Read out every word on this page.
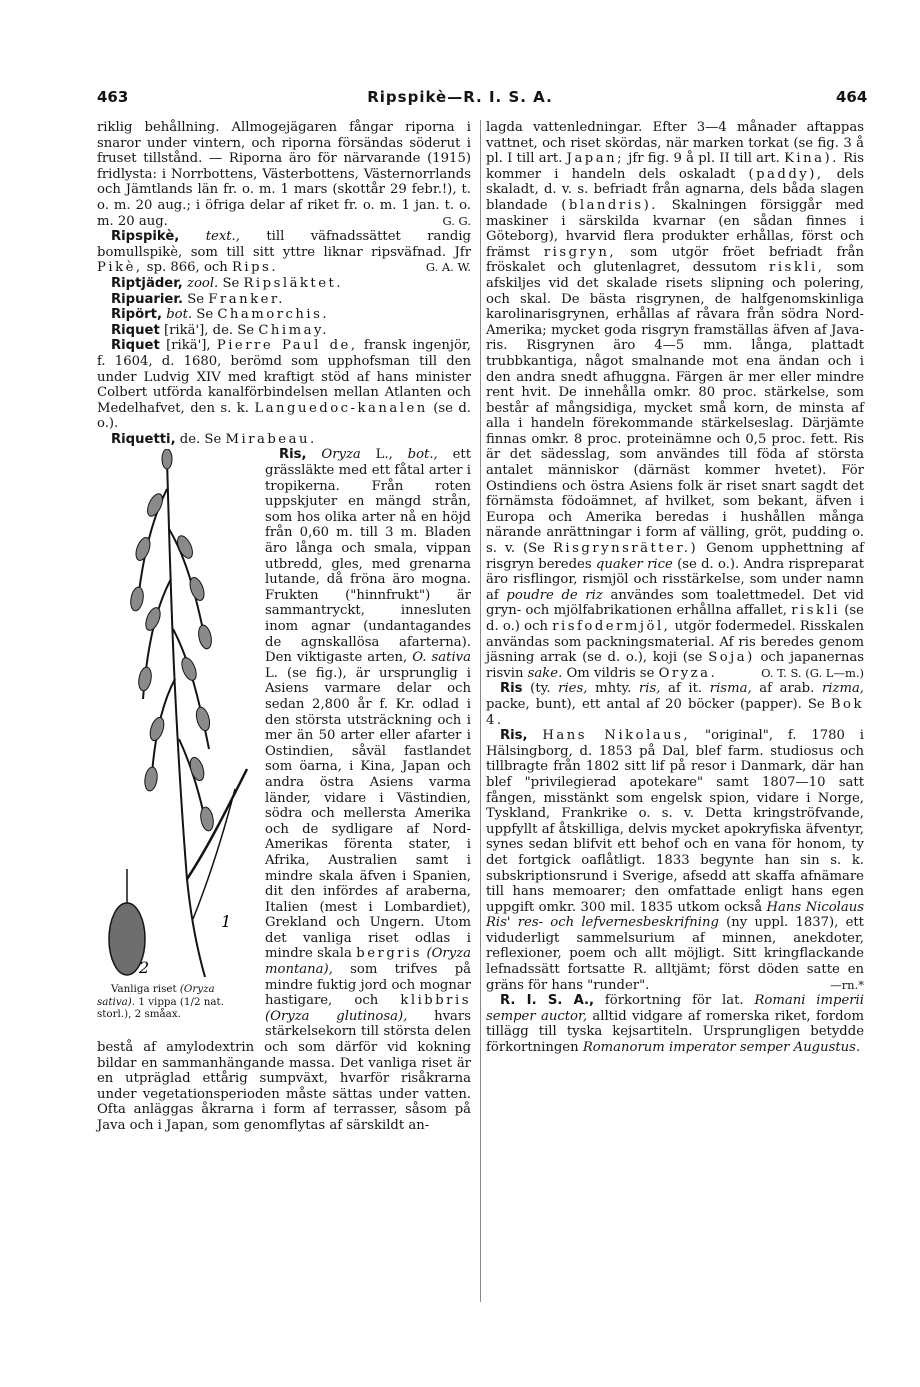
463	Ripspikè—R. I. S. A.	464

riklig behållning. Allmogejägaren fångar riporna i snaror under vintern, och riporna försändas söderut i fruset tillstånd. — Riporna äro för närvarande (1915) fridlysta: i Norrbottens, Västerbottens, Västernorrlands och Jämtlands län fr. o. m. 1 mars (skottår 29 febr.!), t. o. m. 20 aug.; i öfriga delar af riket fr. o. m. 1 jan. t. o. m. 20 aug.	G. G.

Ripspikè, text., till väfnadssättet randig bomullspikè, som till sitt yttre liknar ripsväfnad. Jfr Pikè, sp. 866, och Rips.	G. A. W.

Riptjäder, zool. Se Ripsläktet.

Ripuarier. Se Franker.

Ripört, bot. Se Chamorchis.

Riquet [rikä'], de. Se Chimay.

Riquet [rikä'], Pierre Paul de, fransk ingenjör, f. 1604, d. 1680, berömd som upphofsman till den under Ludvig XIV med kraftigt stöd af hans minister Colbert utförda kanalförbindelsen mellan Atlanten och Medelhafvet, den s. k. Languedoc-kanalen (se d. o.).

Riquetti, de. Se Mirabeau.

Ris, Oryza L., bot.,
1
2
Vanliga riset (Oryza sativa). 1 vippa (1/2 nat. storl.), 2 småax.
ett grässläkte med ett fåtal arter i tropikerna. Från roten uppskjuter en mängd strån, som hos olika arter nå en höjd från 0,60 m. till 3 m. Bladen äro långa och smala, vippan utbredd, gles, med grenarna lutande, då fröna äro mogna. Frukten ("hinnfrukt") är sammantryckt, innesluten inom agnar (undantagandes de agnskallösa afarterna). Den viktigaste arten, O. sativa L. (se fig.), är ursprunglig i Asiens varmare delar och sedan 2,800 år f. Kr. odlad i den största utsträckning och i mer än 50 arter eller afarter i Ostindien, såväl fastlandet som öarna, i Kina, Japan och andra östra Asiens varma länder, vidare i Västindien, södra och mellersta Amerika och de sydligare af Nord-Amerikas förenta stater, i Afrika, Australien samt i mindre skala äfven i Spanien, dit den infördes af araberna, Italien (mest i Lombardiet), Grekland och Ungern. Utom det vanliga riset odlas i mindre skala bergris (Oryza montana), som trifves på mindre fuktig jord och mognar hastigare, och klibbris (Oryza glutinosa), hvars stärkelsekorn till största delen bestå af amylodextrin och som därför vid kokning bildar en sammanhängande massa. Det vanliga riset är en utpräglad ettårig sumpväxt, hvarför risåkrarna under vegetationsperioden måste sättas under vatten. Ofta anläggas åkrarna i form af terrasser, såsom på Java och i Japan, som genomflytas af särskildt an-

lagda vattenledningar. Efter 3—4 månader aftappas vattnet, och riset skördas, när marken torkat (se fig. 3 å pl. I till art. Japan; jfr fig. 9 å pl. II till art. Kina). Ris kommer i handeln dels oskaladt (paddy), dels skaladt, d. v. s. befriadt från agnarna, dels båda slagen blandade (blandris). Skalningen försiggår med maskiner i särskilda kvarnar (en sådan finnes i Göteborg), hvarvid flera produkter erhållas, först och främst risgryn, som utgör fröet befriadt från fröskalet och glutenlagret, dessutom riskli, som afskiljes vid det skalade risets slipning och polering, och skal. De bästa risgrynen, de halfgenomskinliga karolinarisgrynen, erhållas af råvara från södra Nord-Amerika; mycket goda risgryn framställas äfven af Java-ris. Risgrynen äro 4—5 mm. långa, plattadt trubbkantiga, något smalnande mot ena ändan och i den andra snedt afhuggna. Färgen är mer eller mindre rent hvit. De innehålla omkr. 80 proc. stärkelse, som består af mångsidiga, mycket små korn, de minsta af alla i handeln förekommande stärkelseslag. Därjämte finnas omkr. 8 proc. proteinämne och 0,5 proc. fett. Ris är det sädesslag, som användes till föda af största antalet människor (därnäst kommer hvetet). För Ostindiens och östra Asiens folk är riset snart sagdt det förnämsta födoämnet, af hvilket, som bekant, äfven i Europa och Amerika beredas i hushållen många närande anrättningar i form af välling, gröt, pudding o. s. v. (Se Risgrynsrätter.) Genom upphettning af risgryn beredes quaker rice (se d. o.). Andra rispreparat äro risflingor, rismjöl och risstärkelse, som under namn af poudre de riz användes som toalettmedel. Det vid gryn- och mjölfabrikationen erhållna affallet, riskli (se d. o.) och risfodermjöl, utgör fodermedel. Risskalen användas som packningsmaterial. Af ris beredes genom jäsning arrak (se d. o.), koji (se Soja) och japanernas risvin sake. Om vildris se Oryza.	O. T. S. (G. L—m.)

Ris (ty. ries, mhty. ris, af it. risma, af arab. rizma, packe, bunt), ett antal af 20 böcker (papper). Se Bok 4.

Ris, Hans Nikolaus, "original", f. 1780 i Hälsingborg, d. 1853 på Dal, blef farm. studiosus och tillbragte från 1802 sitt lif på resor i Danmark, där han blef "privilegierad apotekare" samt 1807—10 satt fången, misstänkt som engelsk spion, vidare i Norge, Tyskland, Frankrike o. s. v. Detta kringströfvande, uppfyllt af åtskilliga, delvis mycket apokryfiska äfventyr, synes sedan blifvit ett behof och en vana för honom, ty det fortgick oaflåtligt. 1833 begynte han sin s. k. subskriptionsrund i Sverige, afsedd att skaffa afnämare till hans memoarer; den omfattade enligt hans egen uppgift omkr. 300 mil. 1835 utkom också Hans Nicolaus Ris' res- och lefvernesbeskrifning (ny uppl. 1837), ett viduderligt sammelsurium af minnen, anekdoter, reflexioner, poem och allt möjligt. Sitt kringflackande lefnadssätt fortsatte R. alltjämt; först döden satte en gräns för hans "runder".	—rn.*

R. I. S. A., förkortning för lat. Romani imperii semper auctor, alltid vidgare af romerska riket, fordom tillägg till tyska kejsartiteln. Ursprungligen betydde förkortningen Romanorum imperator semper Augustus.
